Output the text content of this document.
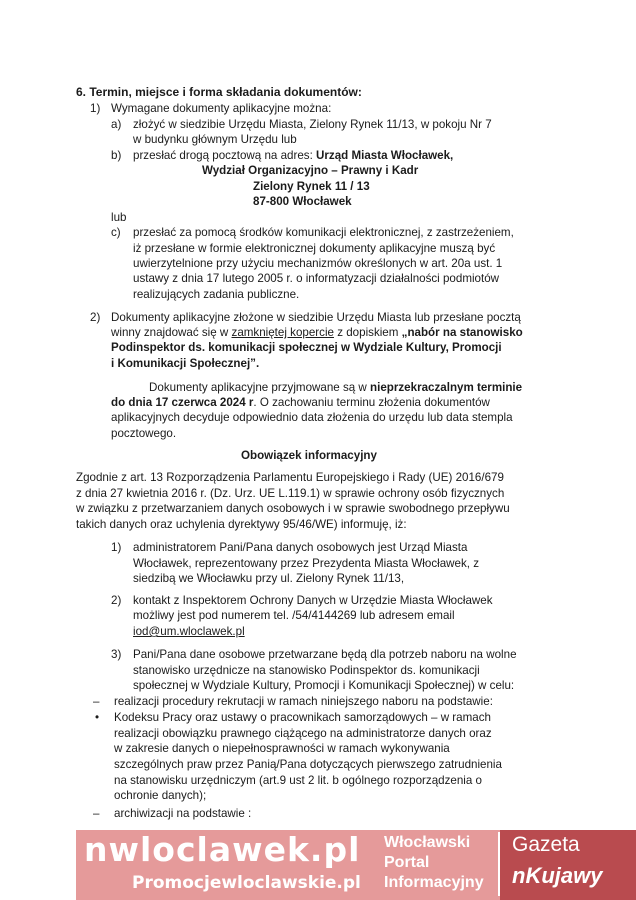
6. Termin, miejsce i forma składania dokumentów:
1) Wymagane dokumenty aplikacyjne można:
a) złożyć w siedzibie Urzędu Miasta, Zielony Rynek 11/13, w pokoju Nr 7
w budynku głównym Urzędu lub
b) przesłać drogą pocztową na adres: Urząd Miasta Włocławek,
Wydział Organizacyjno – Prawny i Kadr
Zielony Rynek 11 / 13
87-800 Włocławek
lub
c) przesłać za pomocą środków komunikacji elektronicznej, z zastrzeżeniem,
iż przesłane w formie elektronicznej dokumenty aplikacyjne muszą być
uwierzytelnione przy użyciu mechanizmów określonych w art. 20a ust. 1
ustawy z dnia 17 lutego 2005 r. o informatyzacji działalności podmiotów
realizujących zadania publiczne.
2) Dokumenty aplikacyjne złożone w siedzibie Urzędu Miasta lub przesłane pocztą
winny znajdować się w zamkniętej kopercie z dopiskiem „nabór na stanowisko
Podinspektor ds. komunikacji społecznej w Wydziale Kultury, Promocji
i Komunikacji Społecznej”.
Dokumenty aplikacyjne przyjmowane są w nieprzekraczalnym terminie
do dnia 17 czerwca 2024 r. O zachowaniu terminu złożenia dokumentów
aplikacyjnych decyduje odpowiednio data złożenia do urzędu lub data stempla
pocztowego.
Obowiązek informacyjny
Zgodnie z art. 13 Rozporządzenia Parlamentu Europejskiego i Rady (UE) 2016/679
z dnia 27 kwietnia 2016 r. (Dz. Urz. UE L.119.1) w sprawie ochrony osób fizycznych
w związku z przetwarzaniem danych osobowych i w sprawie swobodnego przepływu
takich danych oraz uchylenia dyrektywy 95/46/WE) informuję, iż:
1) administratorem Pani/Pana danych osobowych jest Urząd Miasta
Włocławek, reprezentowany przez Prezydenta Miasta Włocławek, z
siedzibą we Włocławku przy ul. Zielony Rynek 11/13,
2) kontakt z Inspektorem Ochrony Danych w Urzędzie Miasta Włocławek
możliwy jest pod numerem tel. /54/4144269 lub adresem email
iod@um.wloclawek.pl
3) Pani/Pana dane osobowe przetwarzane będą dla potrzeb naboru na wolne
stanowisko urzędnicze na stanowisko Podinspektor ds. komunikacji
społecznej w Wydziale Kultury, Promocji i Komunikacji Społecznej) w celu:
– realizacji procedury rekrutacji w ramach niniejszego naboru na podstawie:
• Kodeksu Pracy oraz ustawy o pracownikach samorządowych – w ramach
realizacji obowiązku prawnego ciążącego na administratorze danych oraz
w zakresie danych o niepełnosprawności w ramach wykonywania
szczególnych praw przez Panią/Pana dotyczących pierwszego zatrudnienia
na stanowisku urzędniczym (art.9 ust 2 lit. b ogólnego rozporządzenia o
ochronie danych);
– archiwizacji na podstawie :
nwloclawek.pl
Promocjewloclawskie.pl
Włocławski
Portal
Informacyjny
Gazeta
nKujawy
